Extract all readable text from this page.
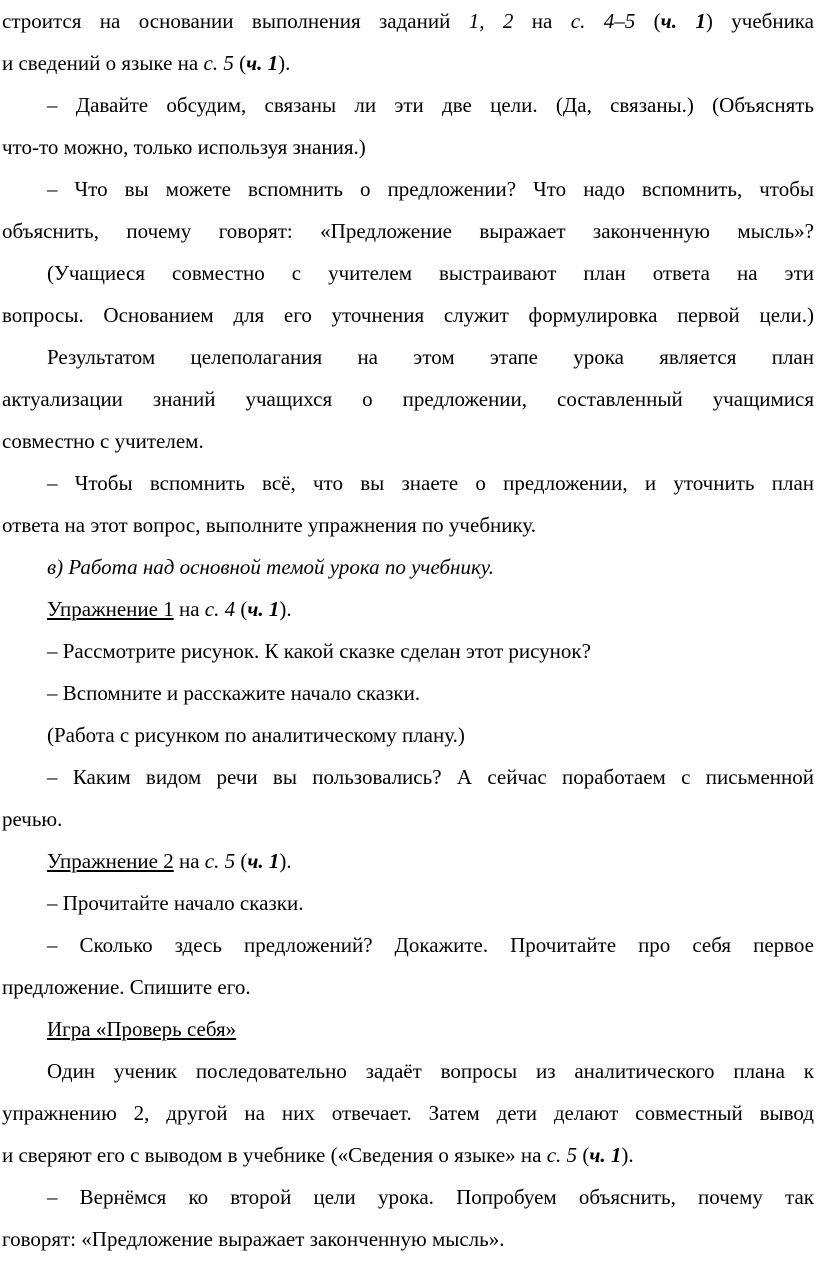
строится на основании выполнения заданий 1, 2 на с. 4–5 (ч. 1) учебника
и сведений о языке на с. 5 (ч. 1).
– Давайте обсудим, связаны ли эти две цели. (Да, связаны.) (Объяснять
что-то можно, только используя знания.)
– Что вы можете вспомнить о предложении? Что надо вспомнить, чтобы
объяснить, почему говорят: «Предложение выражает законченную мысль»?
(Учащиеся совместно с учителем выстраивают план ответа на эти
вопросы. Основанием для его уточнения служит формулировка первой цели.)
Результатом целеполагания на этом этапе урока является план
актуализации знаний учащихся о предложении, составленный учащимися
совместно с учителем.
– Чтобы вспомнить всё, что вы знаете о предложении, и уточнить план
ответа на этот вопрос, выполните упражнения по учебнику.
в) Работа над основной темой урока по учебнику.
Упражнение 1 на с. 4 (ч. 1).
– Рассмотрите рисунок. К какой сказке сделан этот рисунок?
– Вспомните и расскажите начало сказки.
(Работа с рисунком по аналитическому плану.)
– Каким видом речи вы пользовались? А сейчас поработаем с письменной
речью.
Упражнение 2 на с. 5 (ч. 1).
– Прочитайте начало сказки.
– Сколько здесь предложений? Докажите. Прочитайте про себя первое
предложение. Спишите его.
Игра «Проверь себя»
Один ученик последовательно задаёт вопросы из аналитического плана к
упражнению 2, другой на них отвечает. Затем дети делают совместный вывод
и сверяют его с выводом в учебнике («Сведения о языке» на с. 5 (ч. 1).
– Вернёмся ко второй цели урока. Попробуем объяснить, почему так
говорят: «Предложение выражает законченную мысль».
